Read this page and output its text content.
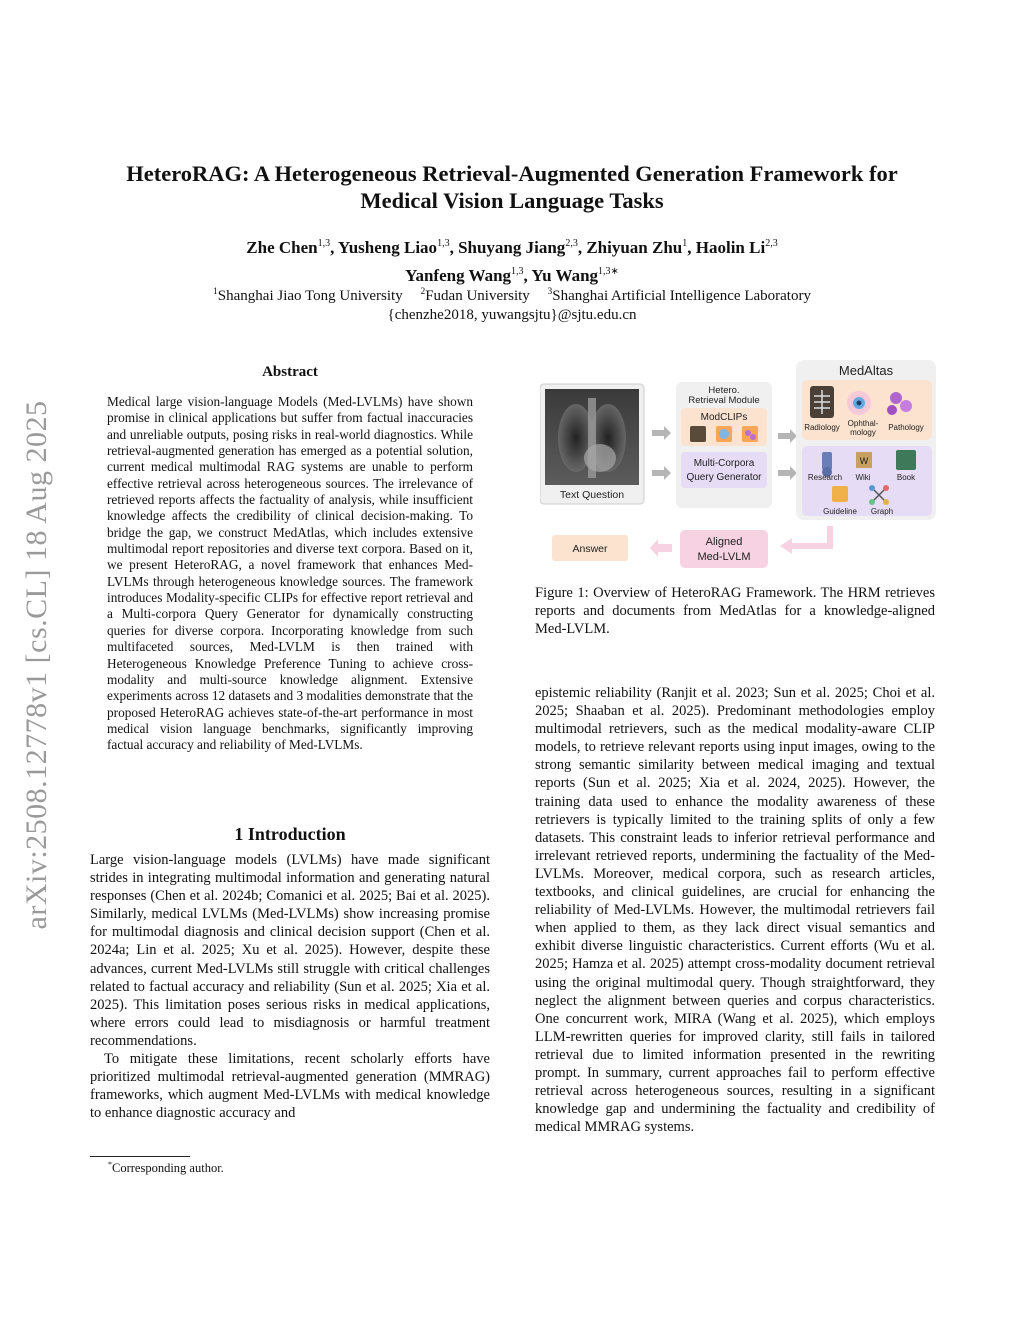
arXiv:2508.12778v1 [cs.CL] 18 Aug 2025
HeteroRAG: A Heterogeneous Retrieval-Augmented Generation Framework for
Medical Vision Language Tasks
Zhe Chen$^{1,3}$, Yusheng Liao$^{1,3}$, Shuyang Jiang$^{2,3}$, Zhiyuan Zhu$^1$, Haolin Li$^{2,3}$
Yanfeng Wang$^{1,3}$, Yu Wang$^{1,3∗}$
$^1$Shanghai Jiao Tong University $^2$Fudan University $^3$Shanghai Artificial Intelligence Laboratory
{chenzhe2018, yuwangsjtu}@sjtu.edu.cn
Abstract

Medical large vision-language Models (Med-LVLMs) have shown promise in clinical applications but suffer from factual inaccuracies and unreliable outputs, posing risks in real-world diagnostics. While retrieval-augmented generation has emerged as a potential solution, current medical multimodal RAG systems are unable to perform effective retrieval across heterogeneous sources. The irrelevance of retrieved reports affects the factuality of analysis, while insufficient knowledge affects the credibility of clinical decision-making. To bridge the gap, we construct MedAtlas, which includes extensive multimodal report repositories and diverse text corpora. Based on it, we present HeteroRAG, a novel framework that enhances Med-LVLMs through heterogeneous knowledge sources. The framework introduces Modality-specific CLIPs for effective report retrieval and a Multi-corpora Query Generator for dynamically constructing queries for diverse corpora. Incorporating knowledge from such multifaceted sources, Med-LVLM is then trained with Heterogeneous Knowledge Preference Tuning to achieve cross-modality and multi-source knowledge alignment. Extensive experiments across 12 datasets and 3 modalities demonstrate that the proposed HeteroRAG achieves state-of-the-art performance in most medical vision language benchmarks, significantly improving factual accuracy and reliability of Med-LVLMs.

1 Introduction

Large vision-language models (LVLMs) have made significant strides in integrating multimodal information and generating natural responses (Chen et al. 2024b; Comanici et al. 2025; Bai et al. 2025). Similarly, medical LVLMs (Med-LVLMs) show increasing promise for multimodal diagnosis and clinical decision support (Chen et al. 2024a; Lin et al. 2025; Xu et al. 2025). However, despite these advances, current Med-LVLMs still struggle with critical challenges related to factual accuracy and reliability (Sun et al. 2025; Xia et al. 2025). This limitation poses serious risks in medical applications, where errors could lead to misdiagnosis or harmful treatment recommendations.

To mitigate these limitations, recent scholarly efforts have prioritized multimodal retrieval-augmented generation (MMRAG) frameworks, which augment Med-LVLMs with medical knowledge to enhance diagnostic accuracy and

*Corresponding author.
Text Question
Hetero.
Retrieval Module
ModCLIPs
Multi-Corpora
Query Generator
MedAltas
Radiology Ophthal-
mology
Pathology
W
Research Wiki	Book
Guideline Graph
Aligned
Med-LVLM
Answer

Figure 1: Overview of HeteroRAG Framework. The HRM retrieves reports and documents from MedAtlas for a knowledge-aligned Med-LVLM.

epistemic reliability (Ranjit et al. 2023; Sun et al. 2025; Choi et al. 2025; Shaaban et al. 2025). Predominant methodologies employ multimodal retrievers, such as the medical modality-aware CLIP models, to retrieve relevant reports using input images, owing to the strong semantic similarity between medical imaging and textual reports (Sun et al. 2025; Xia et al. 2024, 2025). However, the training data used to enhance the modality awareness of these retrievers is typically limited to the training splits of only a few datasets. This constraint leads to inferior retrieval performance and irrelevant retrieved reports, undermining the factuality of the Med-LVLMs. Moreover, medical corpora, such as research articles, textbooks, and clinical guidelines, are crucial for enhancing the reliability of Med-LVLMs. However, the multimodal retrievers fail when applied to them, as they lack direct visual semantics and exhibit diverse linguistic characteristics. Current efforts (Wu et al. 2025; Hamza et al. 2025) attempt cross-modality document retrieval using the original multimodal query. Though straightforward, they neglect the alignment between queries and corpus characteristics. One concurrent work, MIRA (Wang et al. 2025), which employs LLM-rewritten queries for improved clarity, still fails in tailored retrieval due to limited information presented in the rewriting prompt. In summary, current approaches fail to perform effective retrieval across heterogeneous sources, resulting in a significant knowledge gap and undermining the factuality and credibility of medical MMRAG systems.
